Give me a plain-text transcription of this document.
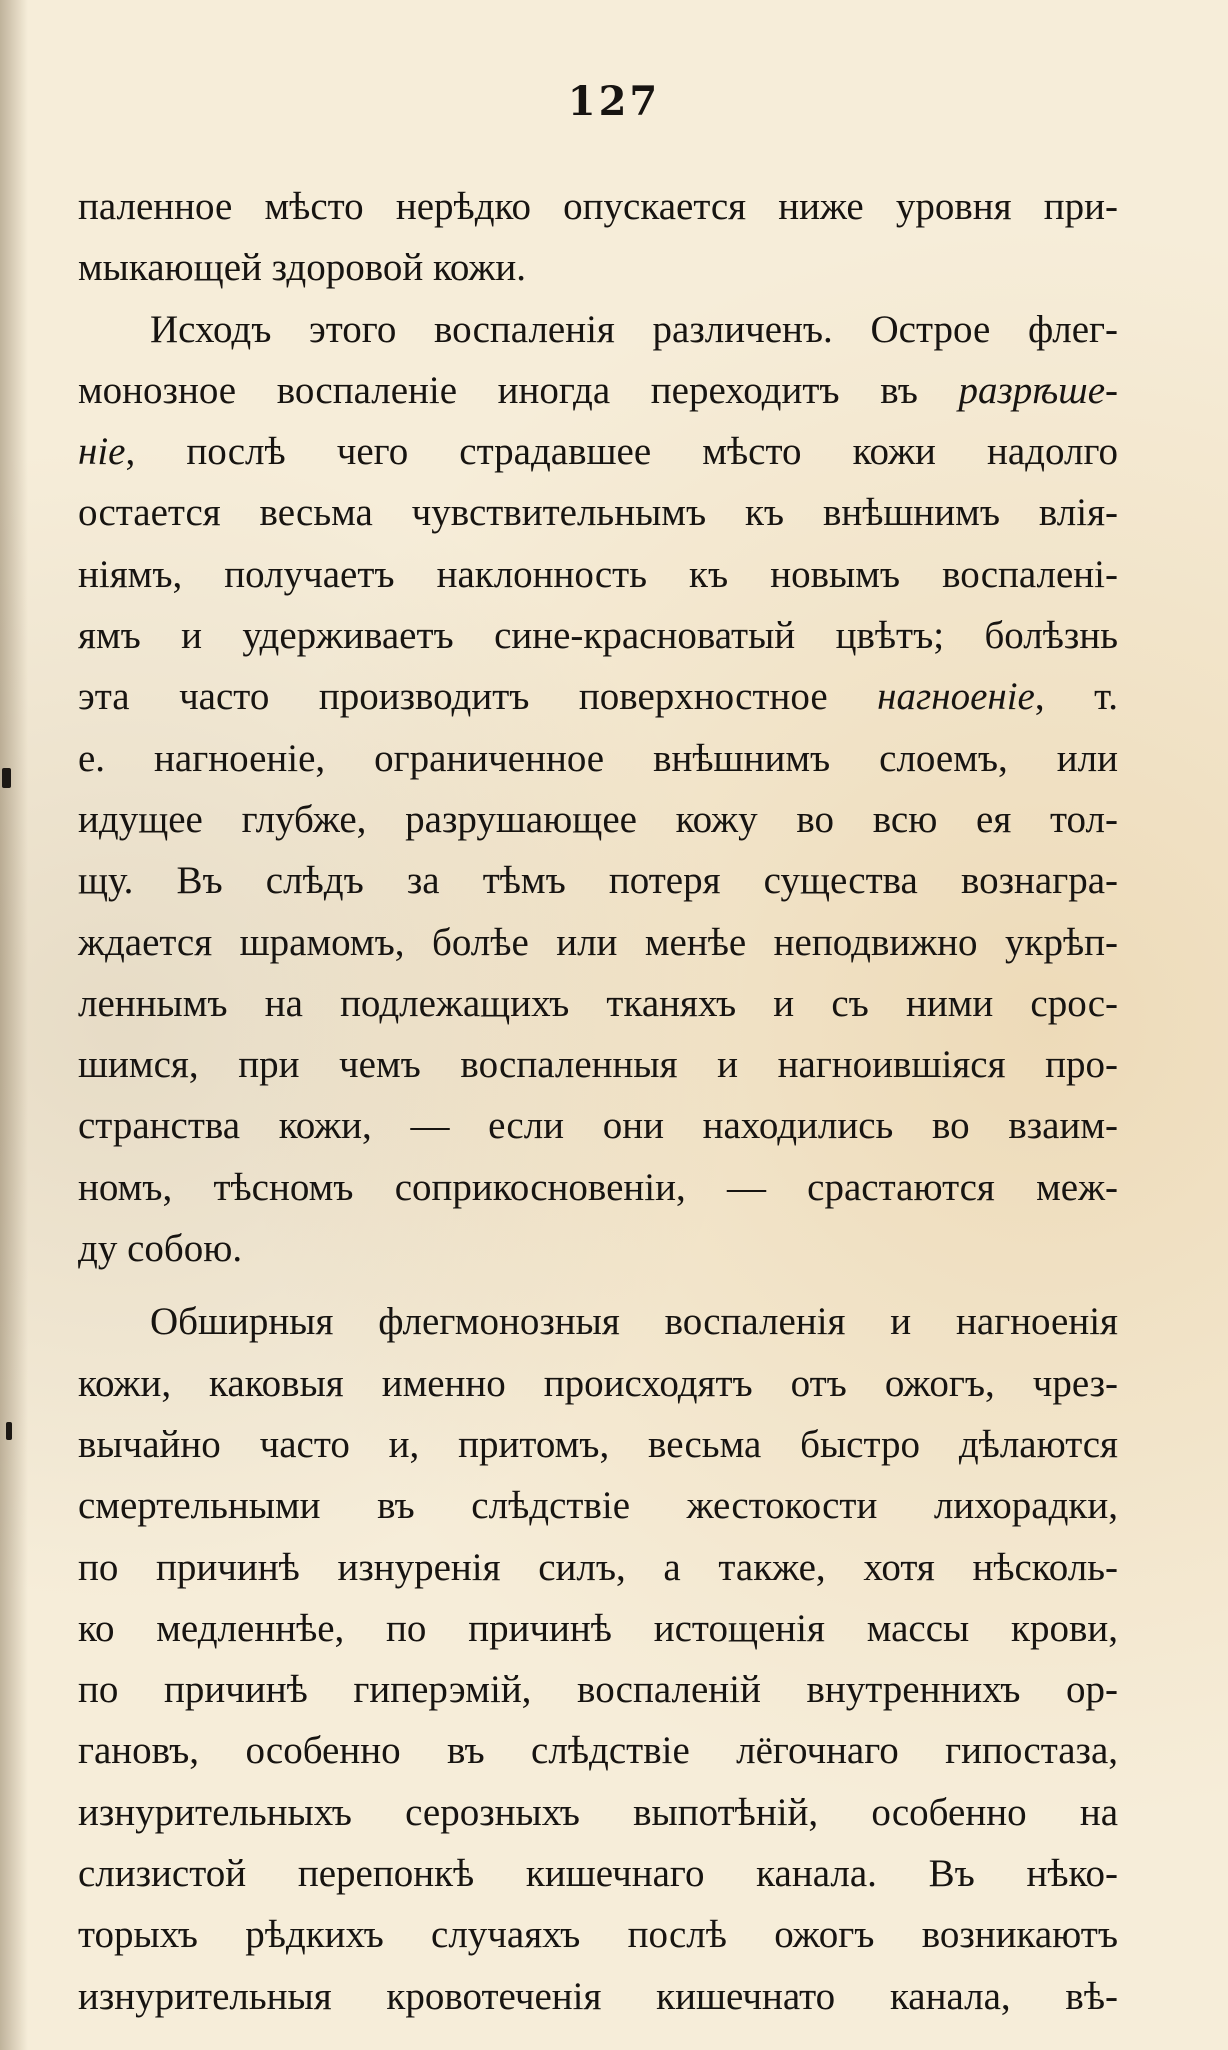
127
паленное мѣсто нерѣдко опускается ниже уровня при-
мыкающей здоровой кожи.
Исходъ этого воспаленія различенъ. Острое флег-
монозное воспаленіе иногда переходитъ въ разрѣше-
ніе, послѣ чего страдавшее мѣсто кожи надолго
остается весьма чувствительнымъ къ внѣшнимъ влія-
ніямъ, получаетъ наклонность къ новымъ воспалені-
ямъ и удерживаетъ сине-красноватый цвѣтъ; болѣзнь
эта часто производитъ поверхностное нагноеніе, т.
е. нагноеніе, ограниченное внѣшнимъ слоемъ, или
идущее глубже, разрушающее кожу во всю ея тол-
щу. Въ слѣдъ за тѣмъ потеря существа вознагра-
ждается шрамомъ, болѣе или менѣе неподвижно укрѣп-
леннымъ на подлежащихъ тканяхъ и съ ними срос-
шимся, при чемъ воспаленныя и нагноившіяся про-
странства кожи, — если они находились во взаим-
номъ, тѣсномъ соприкосновеніи, — срастаются меж-
ду собою.
Обширныя флегмонозныя воспаленія и нагноенія
кожи, каковыя именно происходятъ отъ ожогъ, чрез-
вычайно часто и, притомъ, весьма быстро дѣлаются
смертельными въ слѣдствіе жестокости лихорадки,
по причинѣ изнуренія силъ, а также, хотя нѣсколь-
ко медленнѣе, по причинѣ истощенія массы крови,
по причинѣ гиперэмій, воспаленій внутреннихъ ор-
гановъ, особенно въ слѣдствіе лёгочнаго гипостаза,
изнурительныхъ серозныхъ выпотѣній, особенно на
слизистой перепонкѣ кишечнаго канала. Въ нѣко-
торыхъ рѣдкихъ случаяхъ послѣ ожогъ возникаютъ
изнурительныя кровотеченія кишечнато канала, вѣ-
